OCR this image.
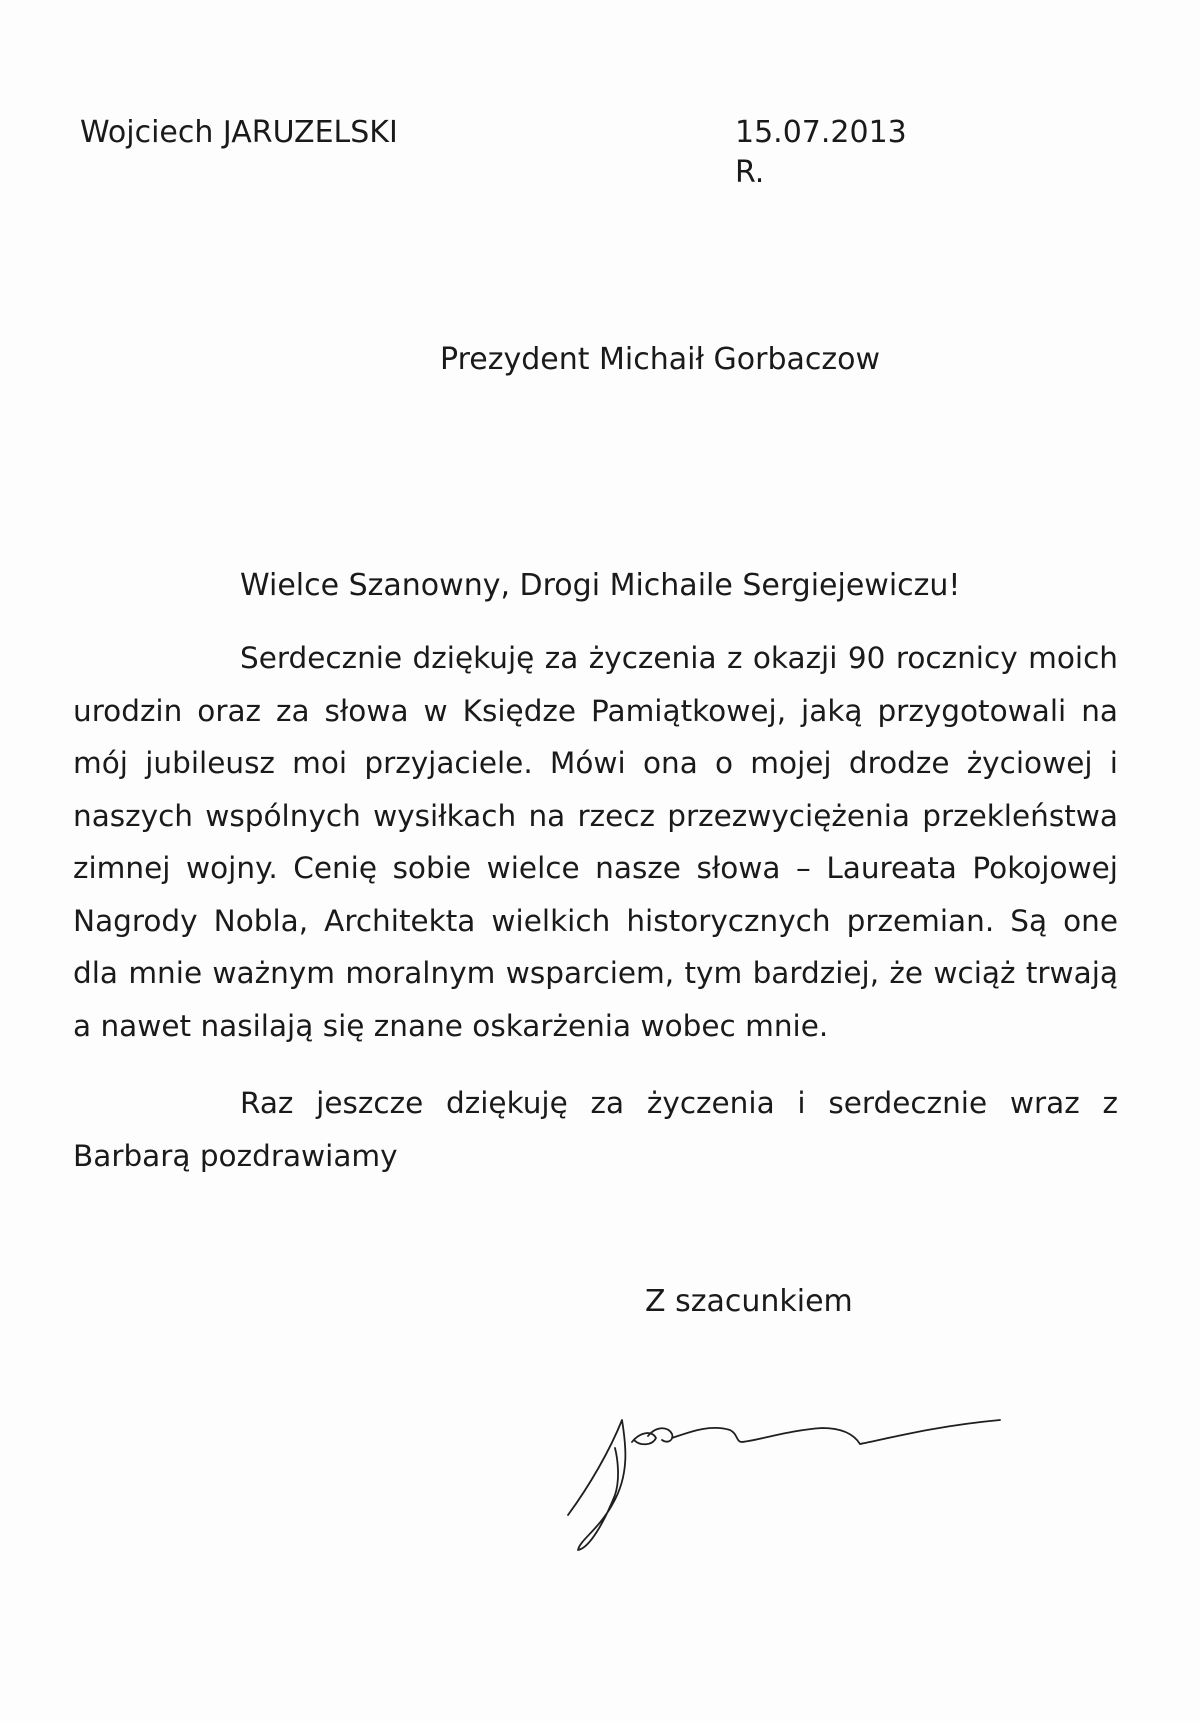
Wojciech JARUZELSKI	15.07.2013 R.
Prezydent Michaił Gorbaczow
Wielce Szanowny, Drogi Michaile Sergiejewiczu!

Serdecznie dziękuję za życzenia z okazji 90 rocznicy moich urodzin oraz za słowa w Księdze Pamiątkowej, jaką przygotowali na mój jubileusz moi przyjaciele. Mówi ona o mojej drodze życiowej i naszych wspólnych wysiłkach na rzecz przezwyciężenia przekleństwa zimnej wojny. Cenię sobie wielce nasze słowa – Laureata Pokojowej Nagrody Nobla, Architekta wielkich historycznych przemian. Są one dla mnie ważnym moralnym wsparciem, tym bardziej, że wciąż trwają a nawet nasilają się znane oskarżenia wobec mnie.

Raz jeszcze dziękuję za życzenia i serdecznie wraz z Barbarą pozdrawiamy

Z szacunkiem
